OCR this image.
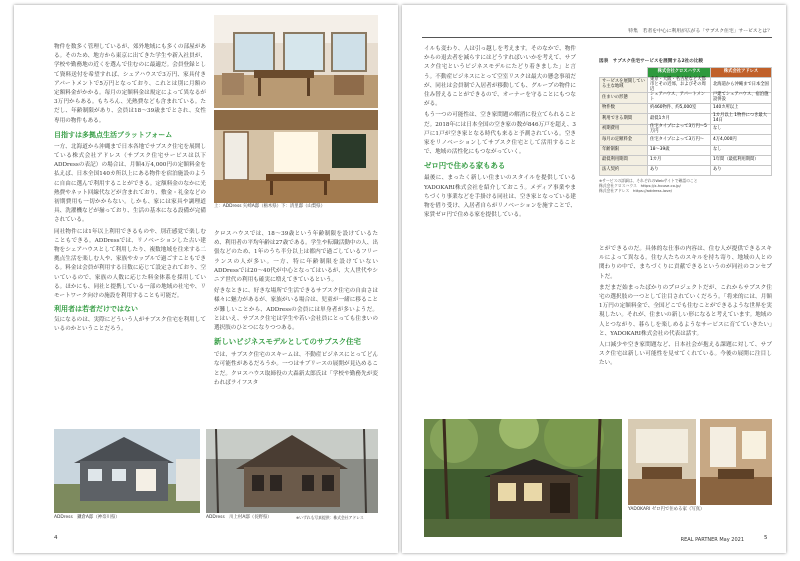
物件を数多く管理しているが、郊外地域にも多くの部屋がある。そのため、地方から東京に出てきた学生や新入社員が、学校や勤務地の近くを選んで住むのに最適だ。会員登録として資料送付を希望すれば、シェアハウスで3万円、家具付きアパートメントで5万円となっており、これとは別に月額の定額料金がかかる。毎月の定額料金は規定によって異なるが3万円からある。もちろん、光熱費なども含まれている。ただし、年齢制限があり、会員は18〜39歳までとされ、女性専用の物件もある。
目指すは多拠点生活プラットフォーム
一方、北海道から沖縄まで日本各地でサブスク住宅を展開している株式会社アドレス（サブスク住宅サービスは以下ADDressの表記）の場合は、月額4万4,000円の定額料金を払えば、日本全国140カ所以上にある物件を宿泊施設のように自由に選んで利用することができる。定額料金のなかに光熱費やネット回線代などが含まれており、敷金・礼金などの初期費用も一切かからない。しかも、家には家具や調理道具、洗濯機などが揃っており、生活の基本になる設備が完備されている。
同社物件には1年以上利用できるものや、別荘感覚で楽しむこともできる。ADDressでは、リノベーションした古い建物をシェアハウスとして利用したり、複数地域を往来する二拠点生活を楽しむ人や、家族やカップルで過ごすこともできる。料金は会員が利用する日数に応じて設定されており、空いているので、家族の人数に応じた料金体系を採用している。ほかにも、同社と提携している一部の地域の社宅や、リモートワーク向けの施設を利用することも可能だ。
利用者は若者だけではない
気になるのは、実際にどういう人がサブスク住宅を利用しているのかということだろう。
上：ADDress 矢崎A邸（栃木県）下：清里邸（山梨県）
クロスハウスでは、18〜39歳という年齢制限を設けているため、利用者の平均年齢は27歳である。学生や転職活動中の人、出張などのため、1年のうち半分以上は都内で過ごしているフリーランスの人が多い。一方、特に年齢制限を設けていないADDressでは20〜40代が中心となってはいるが、大人世代やシニア世代の利用も確実に増えてきているという。
好きなときに、好きな場所で生活できるサブスク住宅の自由さは様々に魅力があるが、家族がいる場合は、児童が一緒に移ることが難しいことから、ADDressの会員には単身者が多いようだ。とはいえ、サブスク住宅は学生や若い会社員にとっても住まいの選択肢のひとつになりつつある。
新しいビジネスモデルとしてのサブスク住宅
では、サブスク住宅のスキームは、不動産ビジネスにとってどんな可能性があるだろうか。一つはサブリースの展開が見込めることだ。クロスハウス取締役の大森新太郎氏は「学校や勤務先が変わればライフスタ
ADDress　鎌倉A邸（神奈川県）	ADDress　川上村A邸（長野県）	※いずれも写真提供：株式会社アドレス
4
特集　若者を中心に利用が広がる「サブスク住宅」サービスとは？
イルも変わり、人は引っ越しを考えます。そのなかで、物件からの退去者を減らすにはどうすればいいかを考えて、サブスク住宅というビジネスモデルにたどり着きました」と言う。不動産ビジネスにとって空室リスクは最大の懸念事項だが、同社は会員制で入居者が移動しても、グループの物件に住み替えることができるので、オーナーを守ることにもつながる。
もう一つの可能性は、空き家問題の解消に役立てられることだ。2018年には日本全国の空き家の数が846万戸を超え、3戸に1戸が空き家となる時代も来ると予測されている。空き家をリノベーションしてサブスク住宅として活用することで、地域の活性化にもつながっていく。
ゼロ円で住める家もある
最後に、まったく新しい住まいのスタイルを提供しているYADOKARI株式会社を紹介しておこう。メディア事業やまちづくり事業などを手掛ける同社は、空き家となっている建物を借り受け、入居者自らがリノベーションを施すことで、家賃ゼロ円で住める家を提供している。
図表　サブスク住宅サービスを展開する2社の比較
	株式会社クロスハウス	株式会社アドレス
サービスを展開している主な地域	東京・大阪・名古屋など大都市とその近郊、およびその周辺	北海道から沖縄まで日本全国
住まいの形態	シェアハウス、アパートメント	戸建てシェアハウス、宿泊施設併設
物件数	約460物件、約5,000室	140カ所以上
利用できる期間	最低1カ月	1カ月以上 1物件につき最大14日
初期費用	住宅タイプによって3万円〜5万円	なし
毎月の定額料金	住宅タイプによって3万円〜	4万4,000円
年齢制限	18〜39歳	なし
最低利用期間	1カ月	1年間（最低利用期間）
法人契約	あり	あり
※サービスの詳細は、それぞれのWebサイトで確認のこと
株式会社クロスハウス　https://x-house.co.jp/
株式会社アドレス　https://address.love/
とができるのだ。具体的な仕事の内容は、住む人が提供できるスキルによって異なる。住む人たちのスキルを持ち寄り、地域の人との関わりの中で、まちづくりに貢献できるというのが同社のコンセプトだ。
まだまだ始まったばかりのプロジェクトだが、これからサブスク住宅の選択肢の一つとして注目されていくだろう。「将来的には、月額1万円の定額料金で、全国どこでも住むことができるような世界を実現したい。それが、住まいの新しい形になると考えています。地域の人とつながり、暮らしを楽しめるようなサービスに育てていきたい」と、YADOKARI株式会社の代表は話す。
人口減少や空き家問題など、日本社会が抱える課題に対して、サブスク住宅は新しい可能性を見せてくれている。今後の展開に注目したい。
YADOKARI ゼロ円で住める家（写真）
REAL PARTNER May 2021	5
